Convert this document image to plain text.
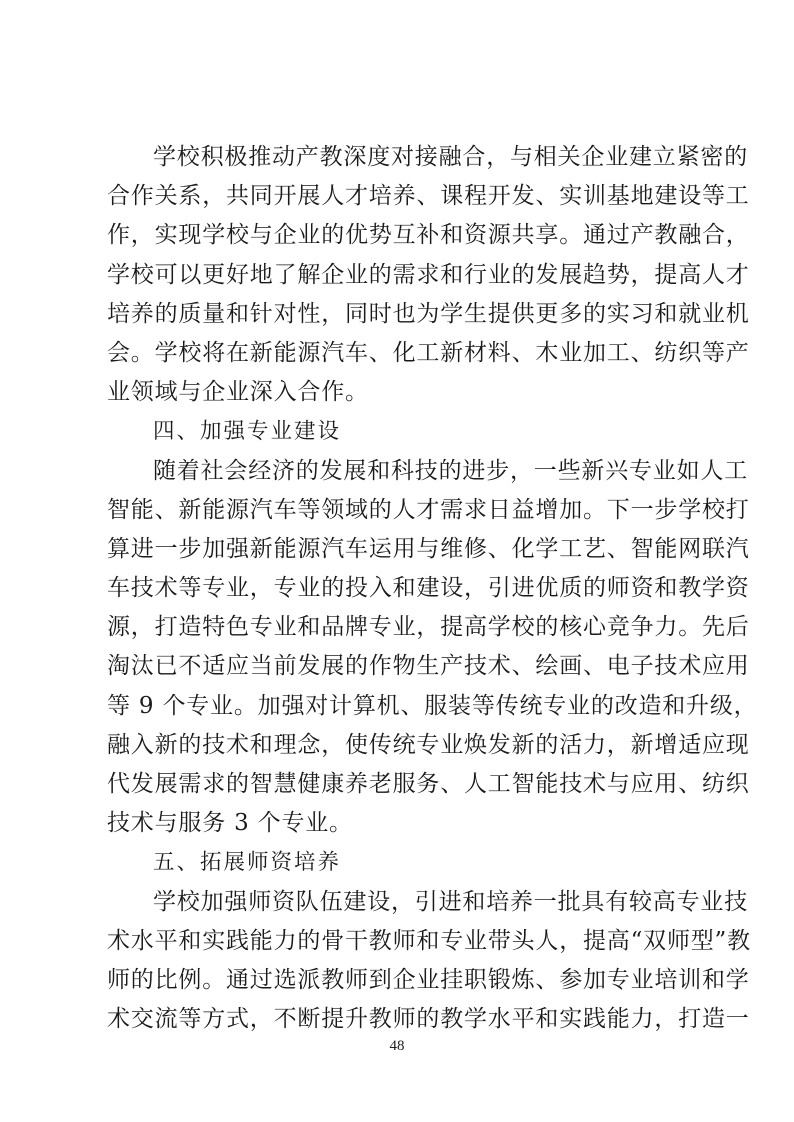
学校积极推动产教深度对接融合，与相关企业建立紧密的
合作关系，共同开展人才培养、课程开发、实训基地建设等工
作，实现学校与企业的优势互补和资源共享。通过产教融合，
学校可以更好地了解企业的需求和行业的发展趋势，提高人才
培养的质量和针对性，同时也为学生提供更多的实习和就业机
会。学校将在新能源汽车、化工新材料、木业加工、纺织等产
业领域与企业深入合作。
四、加强专业建设
随着社会经济的发展和科技的进步，一些新兴专业如人工
智能、新能源汽车等领域的人才需求日益增加。下一步学校打
算进一步加强新能源汽车运用与维修、化学工艺、智能网联汽
车技术等专业，专业的投入和建设，引进优质的师资和教学资
源，打造特色专业和品牌专业，提高学校的核心竞争力。先后
淘汰已不适应当前发展的作物生产技术、绘画、电子技术应用
等 9 个专业。加强对计算机、服装等传统专业的改造和升级，
融入新的技术和理念，使传统专业焕发新的活力，新增适应现
代发展需求的智慧健康养老服务、人工智能技术与应用、纺织
技术与服务 3 个专业。
五、拓展师资培养
学校加强师资队伍建设，引进和培养一批具有较高专业技
术水平和实践能力的骨干教师和专业带头人，提高“双师型”教
师的比例。通过选派教师到企业挂职锻炼、参加专业培训和学
术交流等方式，不断提升教师的教学水平和实践能力，打造一
48
